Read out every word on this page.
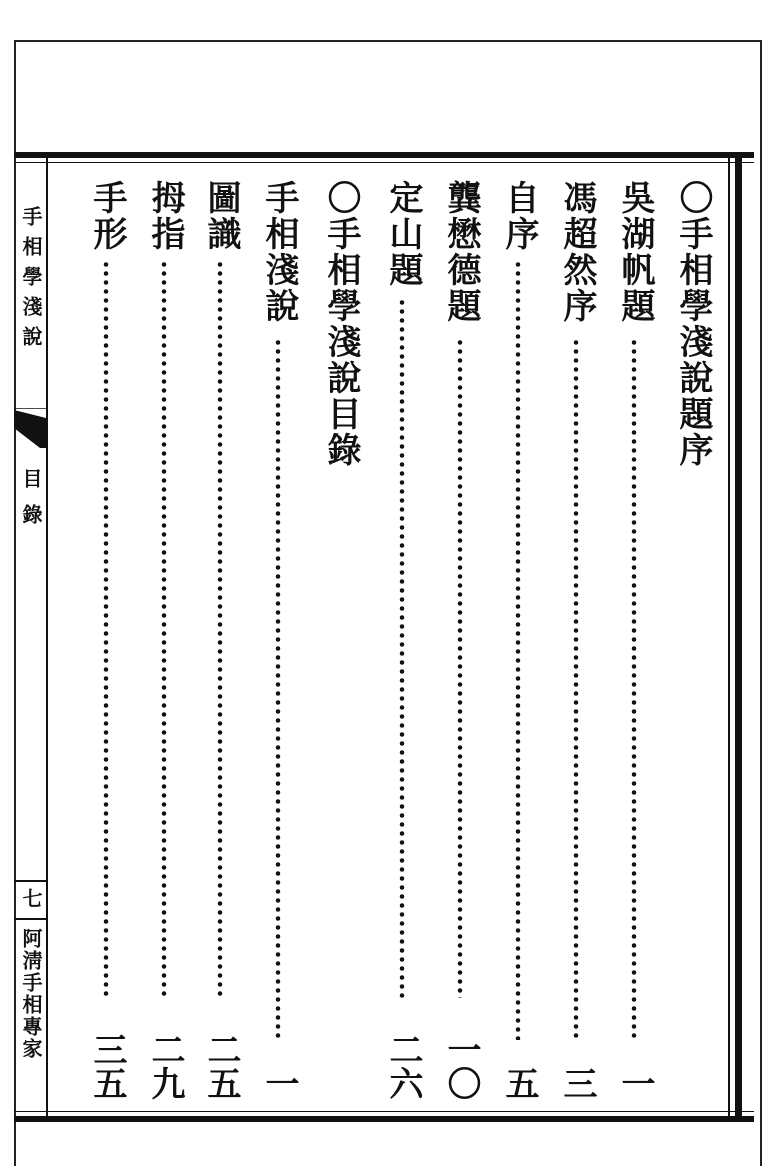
手相學淺說
目錄
七
阿淸手相專家
〇手相學淺說題序
吳湖帆題
一
馮超然序
三
自序
五
龔懋德題
一〇
定山題
二六
〇手相學淺說目錄
手相淺說
一
圖識
二五
拇指
二九
手形
三五
